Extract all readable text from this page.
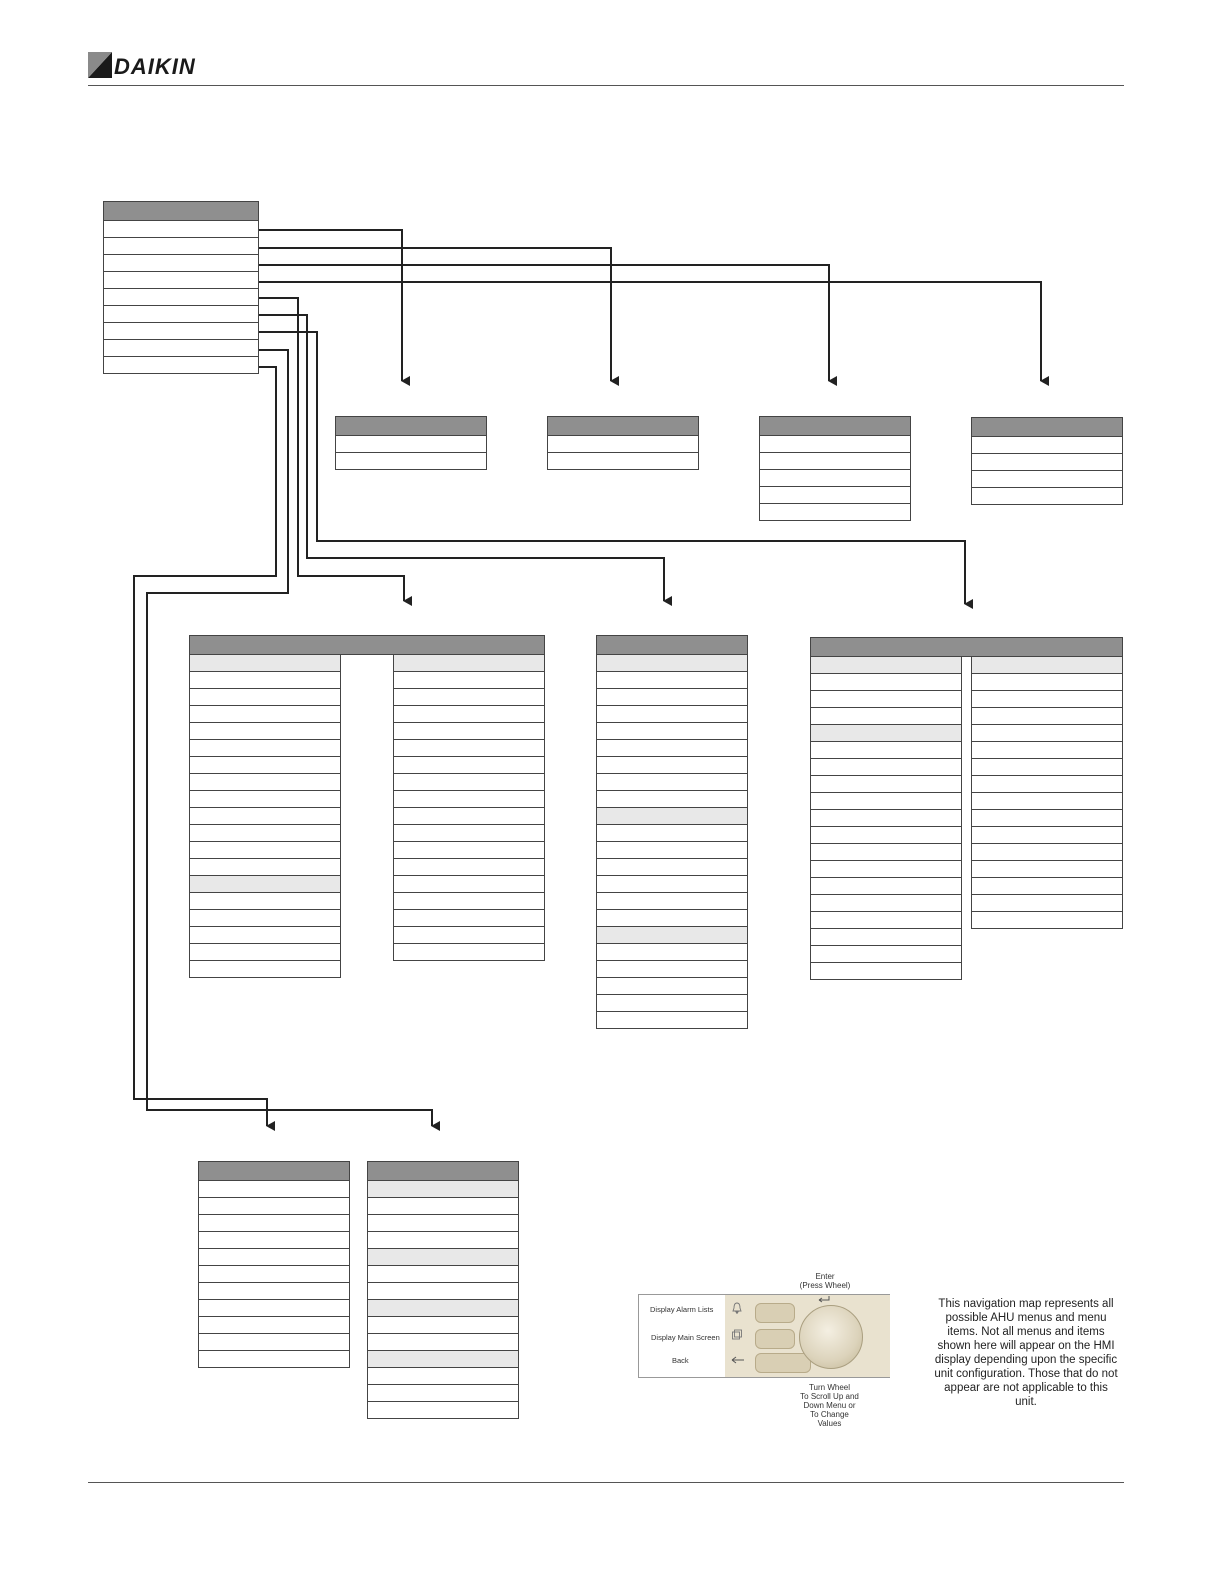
DAIKIN
Enter
(Press Wheel)
Display Alarm Lists
Display Main Screen
Back
Turn Wheel
To Scroll Up and
Down Menu or
To Change
Values
This navigation map represents all possible AHU menus and menu items. Not all menus and items shown here will appear on the HMI display depending upon the specific unit configuration. Those that do not appear are not applicable to this unit.
